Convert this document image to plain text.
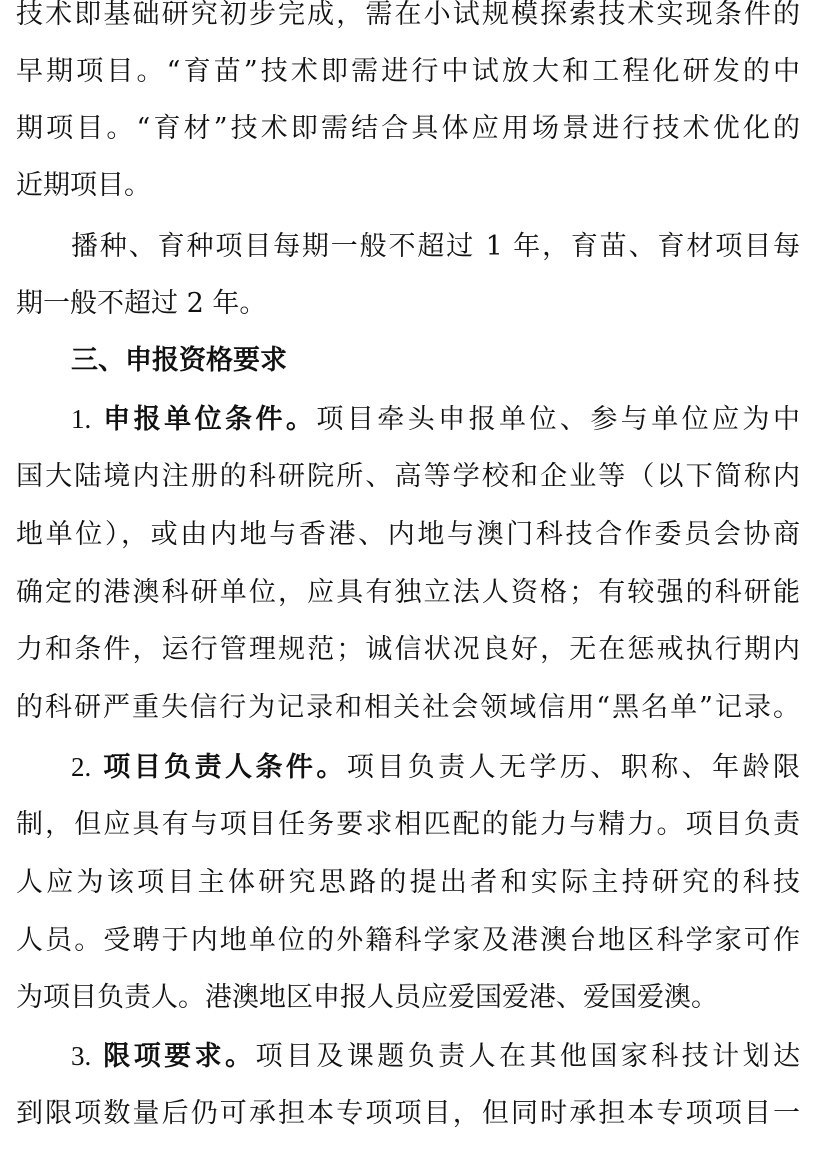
技术即基础研究初步完成，需在小试规模探索技术实现条件的
早期项目。“育苗”技术即需进行中试放大和工程化研发的中
期项目。“育材”技术即需结合具体应用场景进行技术优化的
近期项目。
播种、育种项目每期一般不超过 1 年，育苗、育材项目每
期一般不超过 2 年。
三、申报资格要求
1. 申报单位条件。项目牵头申报单位、参与单位应为中
国大陆境内注册的科研院所、高等学校和企业等（以下简称内
地单位），或由内地与香港、内地与澳门科技合作委员会协商
确定的港澳科研单位，应具有独立法人资格；有较强的科研能
力和条件，运行管理规范；诚信状况良好，无在惩戒执行期内
的科研严重失信行为记录和相关社会领域信用“黑名单”记录。
2. 项目负责人条件。项目负责人无学历、职称、年龄限
制，但应具有与项目任务要求相匹配的能力与精力。项目负责
人应为该项目主体研究思路的提出者和实际主持研究的科技
人员。受聘于内地单位的外籍科学家及港澳台地区科学家可作
为项目负责人。港澳地区申报人员应爱国爱港、爱国爱澳。
3. 限项要求。项目及课题负责人在其他国家科技计划达
到限项数量后仍可承担本专项项目，但同时承担本专项项目一
